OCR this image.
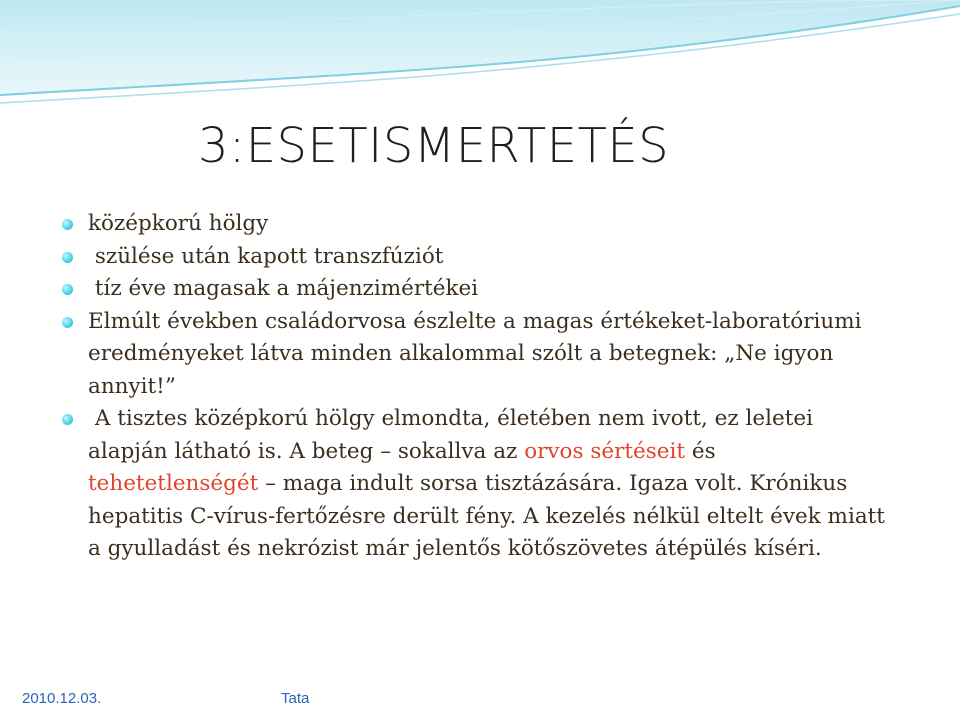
3:ESETISMERTETÉS
középkorú hölgy
szülése után kapott transzfúziót
tíz éve magasak a májenzimértékei
Elmúlt években családorvosa észlelte a magas értékeket-laboratóriumi eredményeket látva minden alkalommal szólt a betegnek: „Ne igyon annyit!”
A tisztes középkorú hölgy elmondta, életében nem ivott, ez leletei alapján látható is. A beteg – sokallva az orvos sértéseit és tehetetlenségét – maga indult sorsa tisztázására. Igaza volt. Krónikus hepatitis C-vírus-fertőzésre derült fény. A kezelés nélkül eltelt évek miatt a gyulladást és nekrózist már jelentős kötőszövetes átépülés kíséri.
2010.12.03.	Tata
